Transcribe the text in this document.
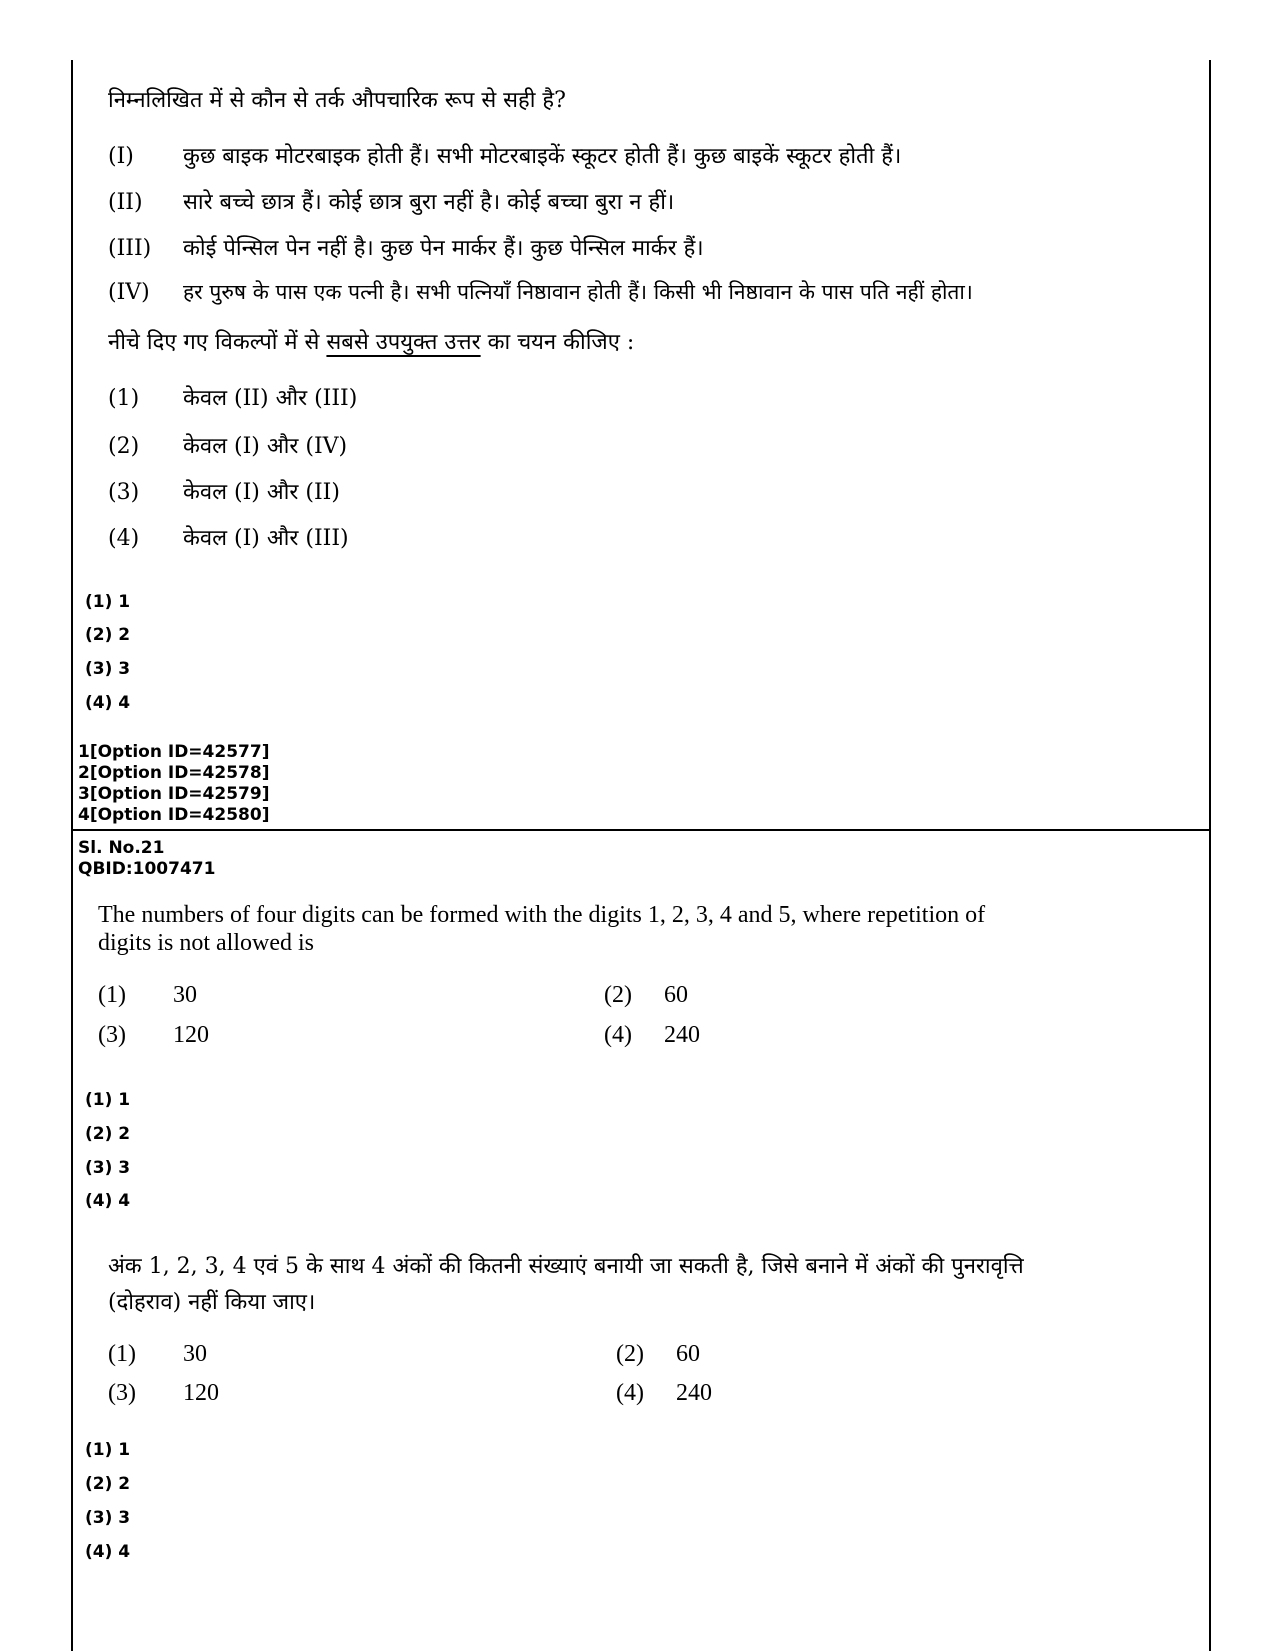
निम्नलिखित में से कौन से तर्क औपचारिक रूप से सही है?
(I) कुछ बाइक मोटरबाइक होती हैं। सभी मोटरबाइकें स्कूटर होती हैं। कुछ बाइकें स्कूटर होती हैं।
(II) सारे बच्चे छात्र हैं। कोई छात्र बुरा नहीं है। कोई बच्चा बुरा न हीं।
(III) कोई पेन्सिल पेन नहीं है। कुछ पेन मार्कर हैं। कुछ पेन्सिल मार्कर हैं।
(IV) हर पुरुष के पास एक पत्नी है। सभी पत्नियाँ निष्ठावान होती हैं। किसी भी निष्ठावान के पास पति नहीं होता।
नीचे दिए गए विकल्पों में से सबसे उपयुक्त उत्तर का चयन कीजिए :
(1) केवल (II) और (III)
(2) केवल (I) और (IV)
(3) केवल (I) और (II)
(4) केवल (I) और (III)
(1) 1
(2) 2
(3) 3
(4) 4
1[Option ID=42577]
2[Option ID=42578]
3[Option ID=42579]
4[Option ID=42580]
Sl. No.21
QBID:1007471
The numbers of four digits can be formed with the digits 1, 2, 3, 4 and 5, where repetition of
digits is not allowed is
(1) 30	(2) 60
(3) 120	(4) 240
(1) 1
(2) 2
(3) 3
(4) 4
अंक 1, 2, 3, 4 एवं 5 के साथ 4 अंकों की कितनी संख्याएं बनायी जा सकती है, जिसे बनाने में अंकों की पुनरावृत्ति
(दोहराव) नहीं किया जाए।
(1) 30	(2) 60
(3) 120	(4) 240
(1) 1
(2) 2
(3) 3
(4) 4
